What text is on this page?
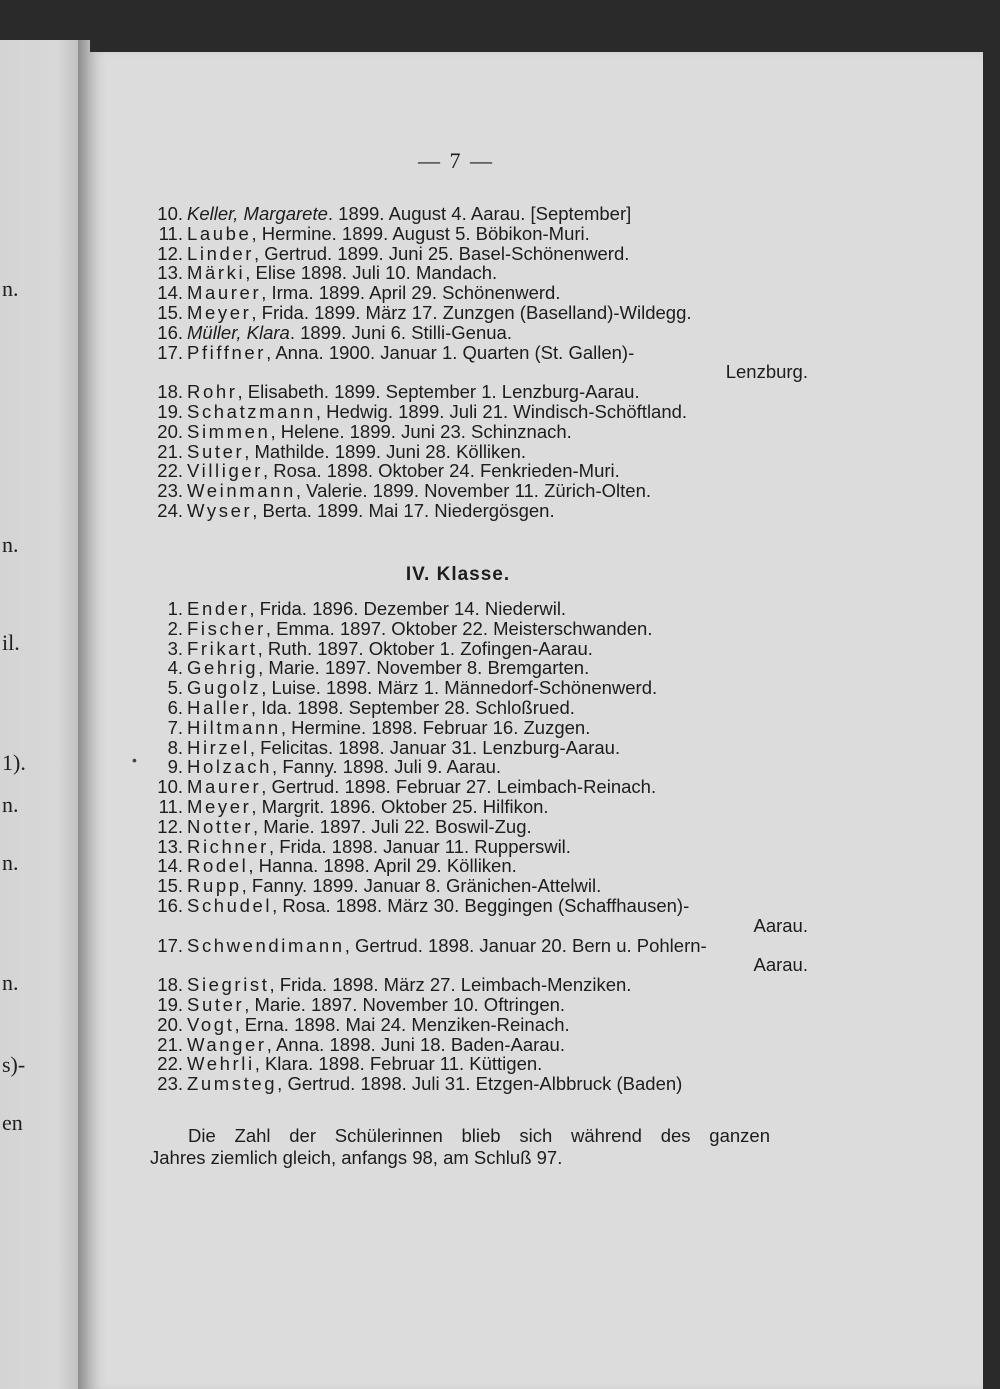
n.
n.
il.
1).
n.
n.
n.
s)-
en
— 7 —
10. Keller, Margarete. 1899. August 4. Aarau. [September]
11. Laube, Hermine. 1899. August 5. Böbikon-Muri.
12. Linder, Gertrud. 1899. Juni 25. Basel-Schönenwerd.
13. Märki, Elise 1898. Juli 10. Mandach.
14. Maurer, Irma. 1899. April 29. Schönenwerd.
15. Meyer, Frida. 1899. März 17. Zunzgen (Baselland)-Wildegg.
16. Müller, Klara. 1899. Juni 6. Stilli-Genua.
17. Pfiffner, Anna. 1900. Januar 1. Quarten (St. Gallen)-
Lenzburg.
18. Rohr, Elisabeth. 1899. September 1. Lenzburg-Aarau.
19. Schatzmann, Hedwig. 1899. Juli 21. Windisch-Schöftland.
20. Simmen, Helene. 1899. Juni 23. Schinznach.
21. Suter, Mathilde. 1899. Juni 28. Kölliken.
22. Villiger, Rosa. 1898. Oktober 24. Fenkrieden-Muri.
23. Weinmann, Valerie. 1899. November 11. Zürich-Olten.
24. Wyser, Berta. 1899. Mai 17. Niedergösgen.
IV. Klasse.
1. Ender, Frida. 1896. Dezember 14. Niederwil.
2. Fischer, Emma. 1897. Oktober 22. Meisterschwanden.
3. Frikart, Ruth. 1897. Oktober 1. Zofingen-Aarau.
4. Gehrig, Marie. 1897. November 8. Bremgarten.
5. Gugolz, Luise. 1898. März 1. Männedorf-Schönenwerd.
6. Haller, Ida. 1898. September 28. Schloßrued.
7. Hiltmann, Hermine. 1898. Februar 16. Zuzgen.
8. Hirzel, Felicitas. 1898. Januar 31. Lenzburg-Aarau.
9. Holzach, Fanny. 1898. Juli 9. Aarau.
10. Maurer, Gertrud. 1898. Februar 27. Leimbach-Reinach.
11. Meyer, Margrit. 1896. Oktober 25. Hilfikon.
12. Notter, Marie. 1897. Juli 22. Boswil-Zug.
13. Richner, Frida. 1898. Januar 11. Rupperswil.
14. Rodel, Hanna. 1898. April 29. Kölliken.
15. Rupp, Fanny. 1899. Januar 8. Gränichen-Attelwil.
16. Schudel, Rosa. 1898. März 30. Beggingen (Schaffhausen)-
Aarau.
17. Schwendimann, Gertrud. 1898. Januar 20. Bern u. Pohlern-
Aarau.
18. Siegrist, Frida. 1898. März 27. Leimbach-Menziken.
19. Suter, Marie. 1897. November 10. Oftringen.
20. Vogt, Erna. 1898. Mai 24. Menziken-Reinach.
21. Wanger, Anna. 1898. Juni 18. Baden-Aarau.
22. Wehrli, Klara. 1898. Februar 11. Küttigen.
23. Zumsteg, Gertrud. 1898. Juli 31. Etzgen-Albbruck (Baden)
Die Zahl der Schülerinnen blieb sich während des ganzen
Jahres ziemlich gleich, anfangs 98, am Schluß 97.
•
